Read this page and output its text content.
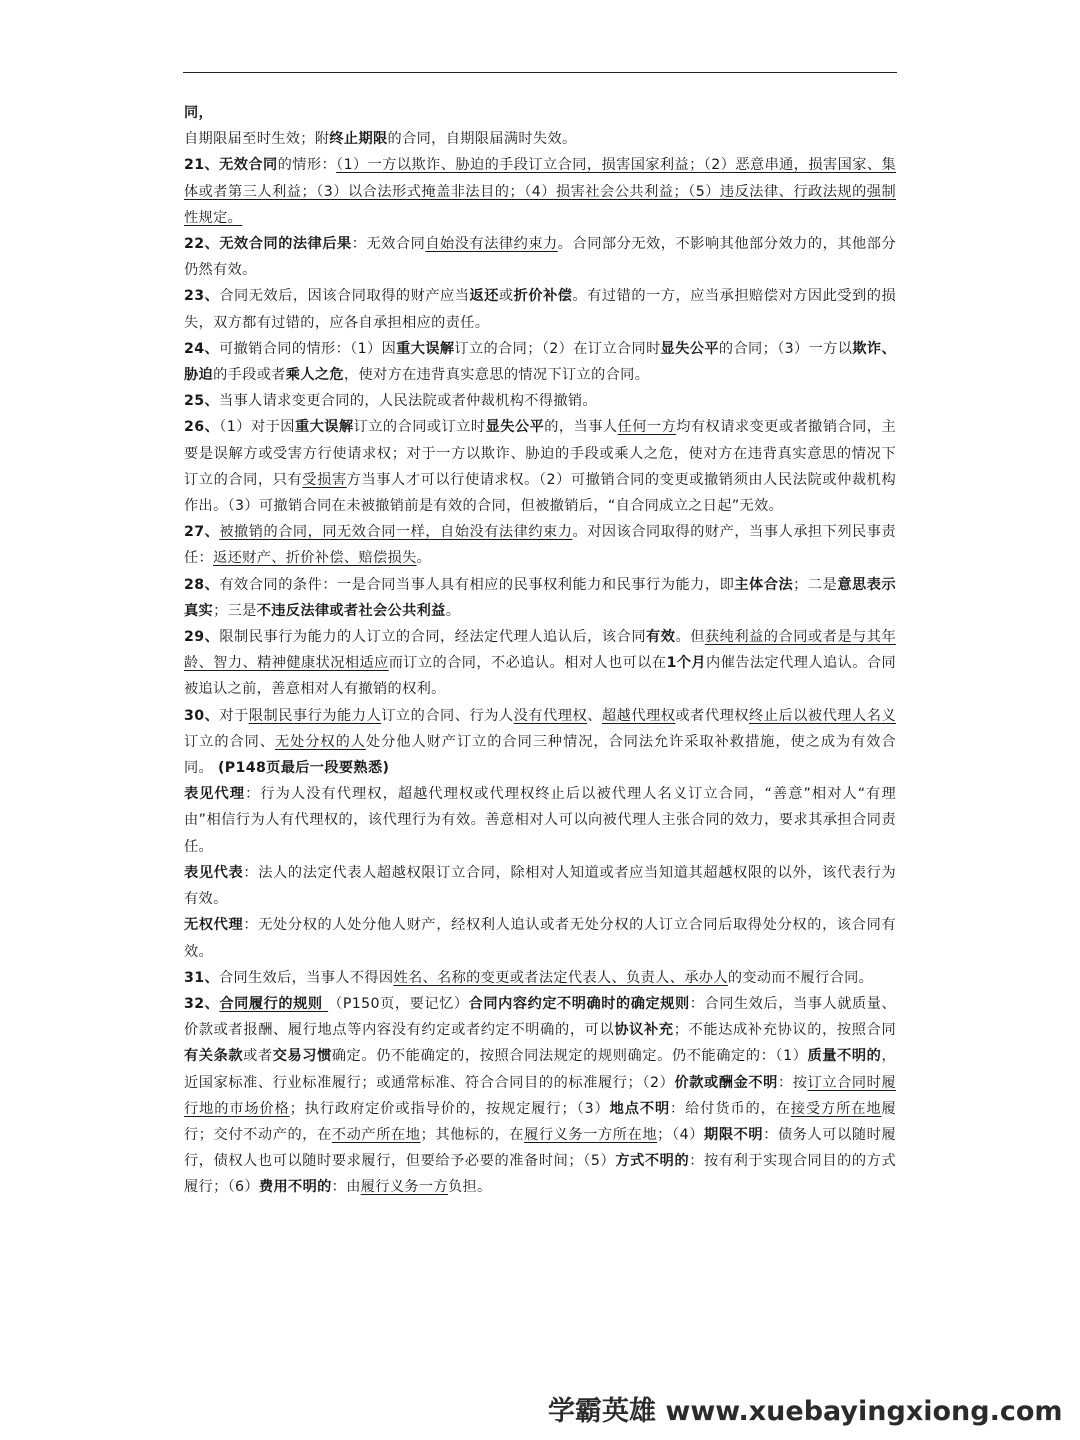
同，

自期限届至时生效；附终止期限的合同，自期限届满时失效。

21、无效合同的情形：（1）一方以欺诈、胁迫的手段订立合同，损害国家利益；（2）恶意串通，损害国家、集体或者第三人利益；（3）以合法形式掩盖非法目的；（4）损害社会公共利益；（5）违反法律、行政法规的强制性规定。

22、无效合同的法律后果：无效合同自始没有法律约束力。合同部分无效，不影响其他部分效力的，其他部分仍然有效。

23、合同无效后，因该合同取得的财产应当返还或折价补偿。有过错的一方，应当承担赔偿对方因此受到的损失，双方都有过错的，应各自承担相应的责任。

24、可撤销合同的情形：（1）因重大误解订立的合同；（2）在订立合同时显失公平的合同；（3）一方以欺诈、胁迫的手段或者乘人之危，使对方在违背真实意思的情况下订立的合同。

25、当事人请求变更合同的，人民法院或者仲裁机构不得撤销。

26、（1）对于因重大误解订立的合同或订立时显失公平的，当事人任何一方均有权请求变更或者撤销合同，主要是误解方或受害方行使请求权；对于一方以欺诈、胁迫的手段或乘人之危，使对方在违背真实意思的情况下订立的合同，只有受损害方当事人才可以行使请求权。（2）可撤销合同的变更或撤销须由人民法院或仲裁机构作出。（3）可撤销合同在未被撤销前是有效的合同，但被撤销后，“自合同成立之日起”无效。

27、被撤销的合同，同无效合同一样，自始没有法律约束力。对因该合同取得的财产，当事人承担下列民事责任：返还财产、折价补偿、赔偿损失。

28、有效合同的条件：一是合同当事人具有相应的民事权利能力和民事行为能力，即主体合法；二是意思表示真实；三是不违反法律或者社会公共利益。

29、限制民事行为能力的人订立的合同，经法定代理人追认后，该合同有效。但获纯利益的合同或者是与其年龄、智力、精神健康状况相适应而订立的合同，不必追认。相对人也可以在1个月内催告法定代理人追认。合同被追认之前，善意相对人有撤销的权利。

30、对于限制民事行为能力人订立的合同、行为人没有代理权、超越代理权或者代理权终止后以被代理人名义订立的合同、无处分权的人处分他人财产订立的合同三种情况，合同法允许采取补救措施，使之成为有效合同。 (P148页最后一段要熟悉)

表见代理：行为人没有代理权，超越代理权或代理权终止后以被代理人名义订立合同，“善意”相对人“有理由”相信行为人有代理权的，该代理行为有效。善意相对人可以向被代理人主张合同的效力，要求其承担合同责任。

表见代表：法人的法定代表人超越权限订立合同，除相对人知道或者应当知道其超越权限的以外，该代表行为有效。

无权代理：无处分权的人处分他人财产，经权利人追认或者无处分权的人订立合同后取得处分权的，该合同有效。

31、合同生效后，当事人不得因姓名、名称的变更或者法定代表人、负责人、承办人的变动而不履行合同。

32、合同履行的规则 （P150页，要记忆）合同内容约定不明确时的确定规则：合同生效后，当事人就质量、价款或者报酬、履行地点等内容没有约定或者约定不明确的，可以协议补充；不能达成补充协议的，按照合同有关条款或者交易习惯确定。仍不能确定的，按照合同法规定的规则确定。仍不能确定的：（1）质量不明的，近国家标准、行业标准履行；或通常标准、符合合同目的的标准履行；（2）价款或酬金不明：按订立合同时履行地的市场价格；执行政府定价或指导价的，按规定履行；（3）地点不明：给付货币的，在接受方所在地履行；交付不动产的，在不动产所在地；其他标的，在履行义务一方所在地；（4）期限不明：债务人可以随时履行，债权人也可以随时要求履行，但要给予必要的准备时间；（5）方式不明的：按有利于实现合同目的的方式履行；（6）费用不明的：由履行义务一方负担。

学霸英雄 www.xuebayingxiong.com
